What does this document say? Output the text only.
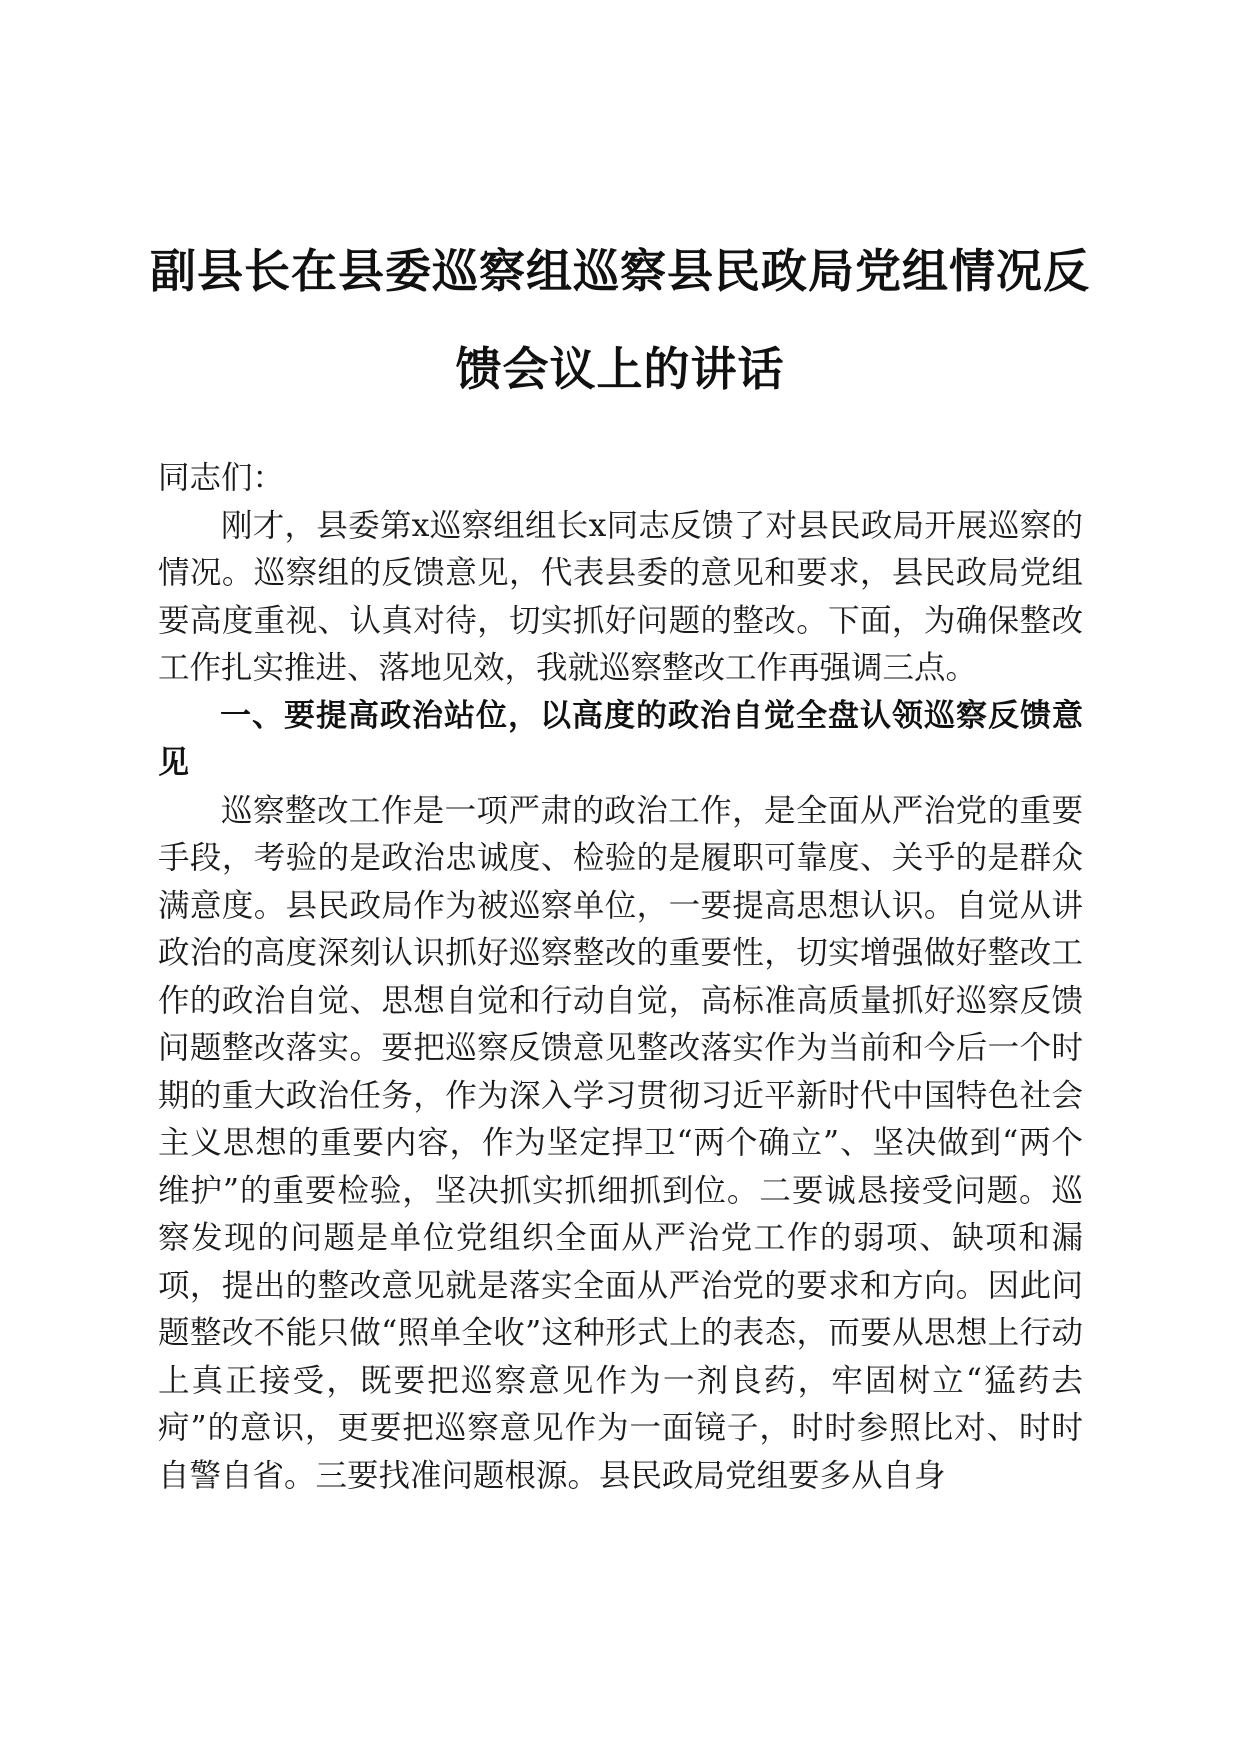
副县长在县委巡察组巡察县民政局党组情况反
馈会议上的讲话

同志们：

刚才，县委第x巡察组组长x同志反馈了对县民政局开展巡察的情况。巡察组的反馈意见，代表县委的意见和要求，县民政局党组要高度重视、认真对待，切实抓好问题的整改。下面，为确保整改工作扎实推进、落地见效，我就巡察整改工作再强调三点。

一、要提高政治站位，以高度的政治自觉全盘认领巡察反馈意见

巡察整改工作是一项严肃的政治工作，是全面从严治党的重要手段，考验的是政治忠诚度、检验的是履职可靠度、关乎的是群众满意度。县民政局作为被巡察单位，一要提高思想认识。自觉从讲政治的高度深刻认识抓好巡察整改的重要性，切实增强做好整改工作的政治自觉、思想自觉和行动自觉，高标准高质量抓好巡察反馈问题整改落实。要把巡察反馈意见整改落实作为当前和今后一个时期的重大政治任务，作为深入学习贯彻习近平新时代中国特色社会主义思想的重要内容，作为坚定捍卫“两个确立”、坚决做到“两个维护”的重要检验，坚决抓实抓细抓到位。二要诚恳接受问题。巡察发现的问题是单位党组织全面从严治党工作的弱项、缺项和漏项，提出的整改意见就是落实全面从严治党的要求和方向。因此问题整改不能只做“照单全收”这种形式上的表态，而要从思想上行动上真正接受，既要把巡察意见作为一剂良药，牢固树立“猛药去疴”的意识，更要把巡察意见作为一面镜子，时时参照比对、时时自警自省。三要找准问题根源。县民政局党组要多从自身
